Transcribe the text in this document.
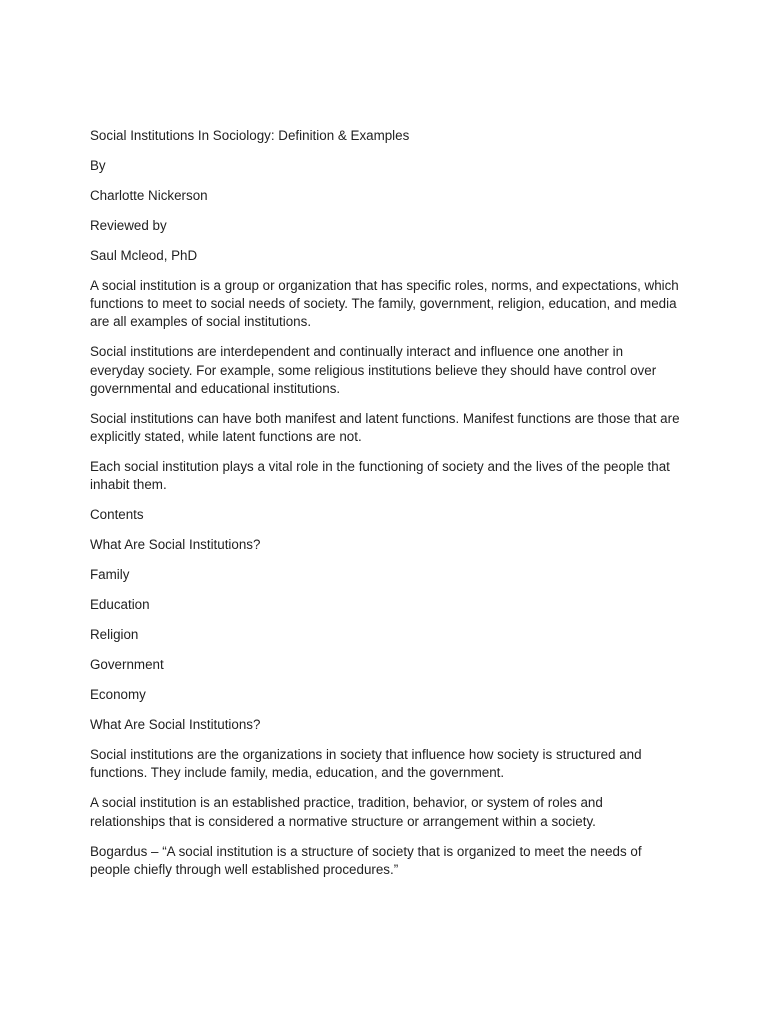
Social Institutions In Sociology: Definition & Examples

By

Charlotte Nickerson

Reviewed by

Saul Mcleod, PhD

A social institution is a group or organization that has specific roles, norms, and expectations, which functions to meet to social needs of society. The family, government, religion, education, and media are all examples of social institutions.

Social institutions are interdependent and continually interact and influence one another in everyday society. For example, some religious institutions believe they should have control over governmental and educational institutions.

Social institutions can have both manifest and latent functions. Manifest functions are those that are explicitly stated, while latent functions are not.

Each social institution plays a vital role in the functioning of society and the lives of the people that inhabit them.

Contents

What Are Social Institutions?

Family

Education

Religion

Government

Economy

What Are Social Institutions?

Social institutions are the organizations in society that influence how society is structured and functions. They include family, media, education, and the government.

A social institution is an established practice, tradition, behavior, or system of roles and relationships that is considered a normative structure or arrangement within a society.

Bogardus – “A social institution is a structure of society that is organized to meet the needs of people chiefly through well established procedures.”
